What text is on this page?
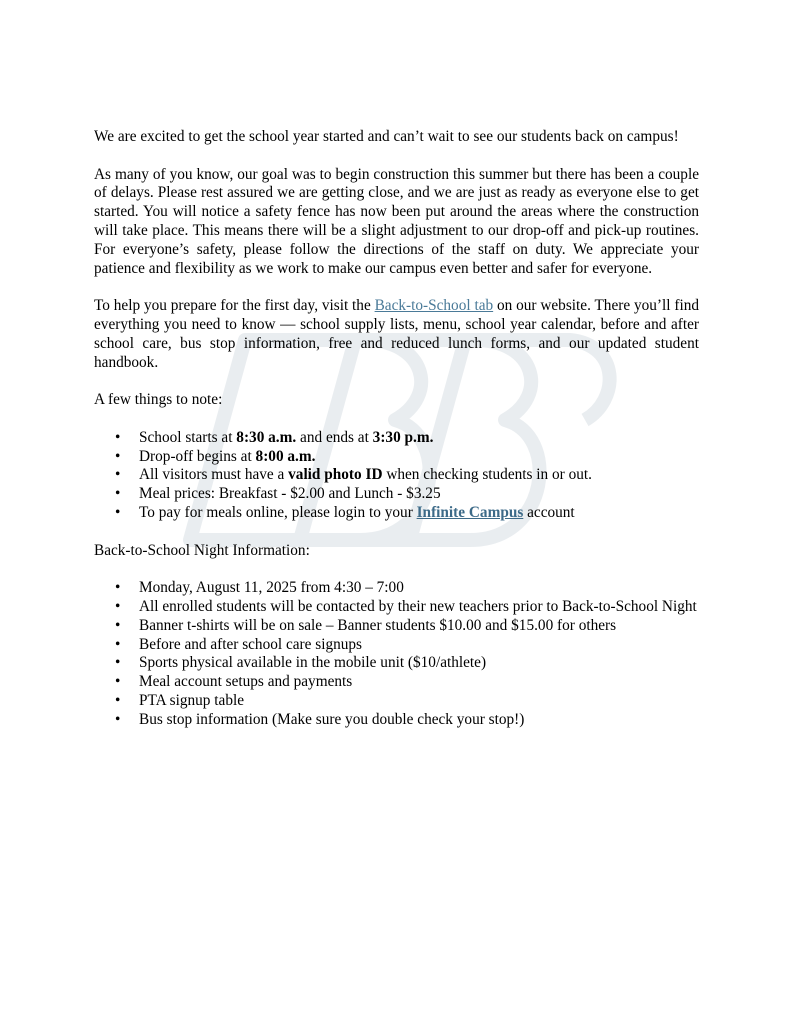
We are excited to get the school year started and can’t wait to see our students back on campus!

As many of you know, our goal was to begin construction this summer but there has been a couple of delays. Please rest assured we are getting close, and we are just as ready as everyone else to get started. You will notice a safety fence has now been put around the areas where the construction will take place. This means there will be a slight adjustment to our drop-off and pick-up routines. For everyone’s safety, please follow the directions of the staff on duty. We appreciate your patience and flexibility as we work to make our campus even better and safer for everyone.

To help you prepare for the first day, visit the Back-to-School tab on our website. There you’ll find everything you need to know — school supply lists, menu, school year calendar, before and after school care, bus stop information, free and reduced lunch forms, and our updated student handbook.

A few things to note:

• School starts at 8:30 a.m. and ends at 3:30 p.m.
• Drop-off begins at 8:00 a.m.
• All visitors must have a valid photo ID when checking students in or out.
• Meal prices: Breakfast - $2.00 and Lunch - $3.25
• To pay for meals online, please login to your Infinite Campus account

Back-to-School Night Information:

• Monday, August 11, 2025 from 4:30 – 7:00
• All enrolled students will be contacted by their new teachers prior to Back-to-School Night
• Banner t-shirts will be on sale – Banner students $10.00 and $15.00 for others
• Before and after school care signups
• Sports physical available in the mobile unit ($10/athlete)
• Meal account setups and payments
• PTA signup table
• Bus stop information (Make sure you double check your stop!)
